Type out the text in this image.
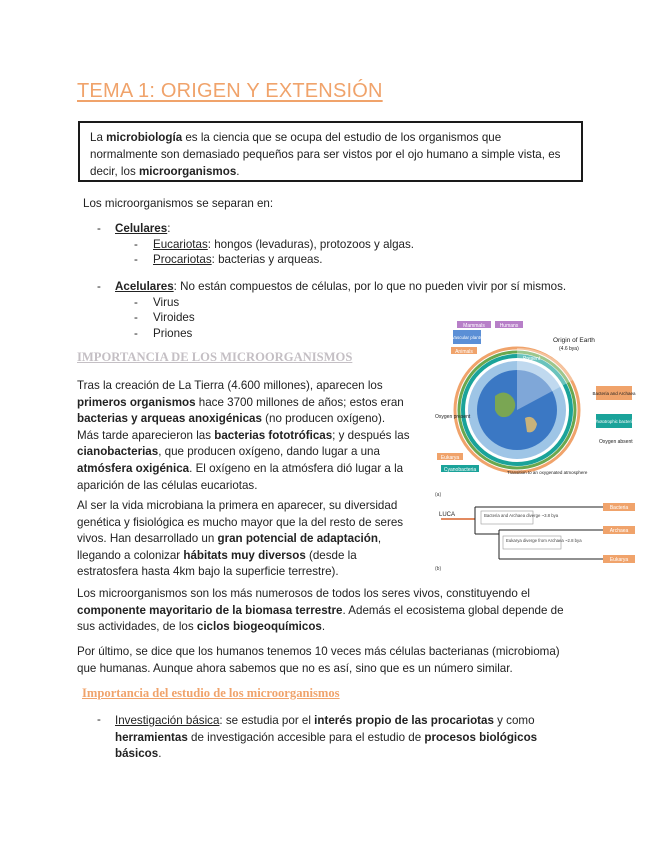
TEMA 1: ORIGEN Y EXTENSIÓN
La microbiología es la ciencia que se ocupa del estudio de los organismos que
normalmente son demasiado pequeños para ser vistos por el ojo humano a simple vista, es
decir, los microorganismos.
Los microorganismos se separan en:
- Celulares:
- Eucariotas: hongos (levaduras), protozoos y algas.
- Procariotas: bacterias y arqueas.
- Acelulares: No están compuestos de células, por lo que no pueden vivir por sí mismos.
- Virus
- Viroides
- Priones
IMPORTANCIA DE LOS MICROORGANISMOS
Tras la creación de La Tierra (4.600 millones), aparecen los
primeros organismos hace 3700 millones de años; estos eran
bacterias y arqueas anoxigénicas (no producen oxígeno).
Más tarde aparecieron las bacterias fototróficas; y después las
cianobacterias, que producen oxígeno, dando lugar a una
atmósfera oxigénica. El oxígeno en la atmósfera dió lugar a la
aparición de las células eucariotas.
Al ser la vida microbiana la primera en aparecer, su diversidad
genética y fisiológica es mucho mayor que la del resto de seres
vivos. Han desarrollado un gran potencial de adaptación,
llegando a colonizar hábitats muy diversos (desde la
estratosfera hasta 4km bajo la superficie terrestre).
Los microorganismos son los más numerosos de todos los seres vivos, constituyendo el
componente mayoritario de la biomasa terrestre. Además el ecosistema global depende de
sus actividades, de los ciclos biogeoquímicos.
Por último, se dice que los humanos tenemos 10 veces más células bacterianas (microbioma)
que humanas. Aunque ahora sabemos que no es así, sino que es un número similar.
Importancia del estudio de los microorganismos
- Investigación básica: se estudia por el interés propio de las procariotas y como
herramientas de investigación accesible para el estudio de procesos biológicos
básicos.
Mammals	Humans
Vascular plants
Animals
Origin of Earth
(4.6 bya)
Present
Bacteria and Archaea
Phototrophic bacteria
Oxygen absent
Oxygen present
Eukarya
Cyanobacteria	Transition to an oxygenated atmosphere
(a)
LUCA	Bacteria and Archaea diverge ~3.8 bya
Eukarya diverge from Archaea ~2.8 bya
Bacteria
Archaea
Eukarya
(b)
